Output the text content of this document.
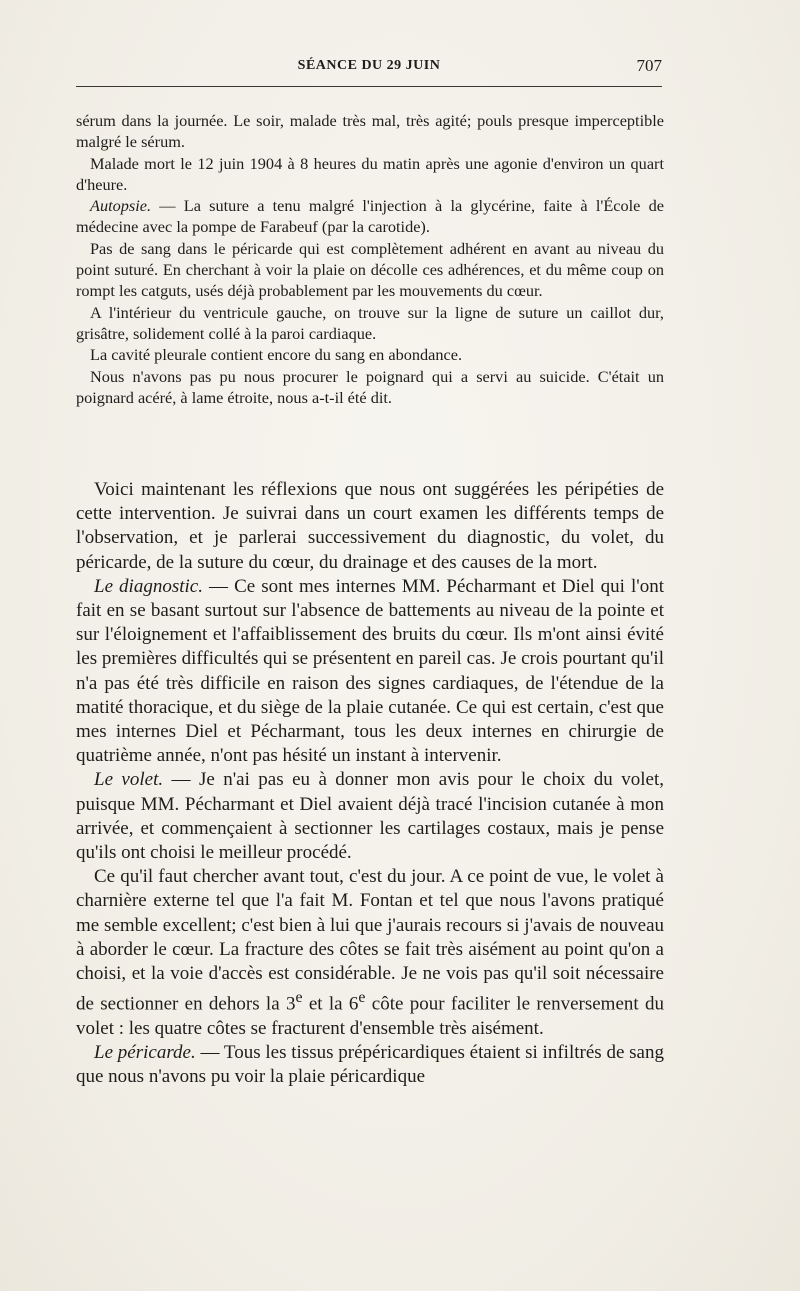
SÉANCE DU 29 JUIN	707

sérum dans la journée. Le soir, malade très mal, très agité; pouls presque imperceptible malgré le sérum.

Malade mort le 12 juin 1904 à 8 heures du matin après une agonie d'environ un quart d'heure.

Autopsie. — La suture a tenu malgré l'injection à la glycérine, faite à l'École de médecine avec la pompe de Farabeuf (par la carotide).

Pas de sang dans le péricarde qui est complètement adhérent en avant au niveau du point suturé. En cherchant à voir la plaie on décolle ces adhérences, et du même coup on rompt les catguts, usés déjà probablement par les mouvements du cœur.

A l'intérieur du ventricule gauche, on trouve sur la ligne de suture un caillot dur, grisâtre, solidement collé à la paroi cardiaque.

La cavité pleurale contient encore du sang en abondance.

Nous n'avons pas pu nous procurer le poignard qui a servi au suicide. C'était un poignard acéré, à lame étroite, nous a-t-il été dit.

Voici maintenant les réflexions que nous ont suggérées les péripéties de cette intervention. Je suivrai dans un court examen les différents temps de l'observation, et je parlerai successivement du diagnostic, du volet, du péricarde, de la suture du cœur, du drainage et des causes de la mort.

Le diagnostic. — Ce sont mes internes MM. Pécharmant et Diel qui l'ont fait en se basant surtout sur l'absence de battements au niveau de la pointe et sur l'éloignement et l'affaiblissement des bruits du cœur. Ils m'ont ainsi évité les premières difficultés qui se présentent en pareil cas. Je crois pourtant qu'il n'a pas été très difficile en raison des signes cardiaques, de l'étendue de la matité thoracique, et du siège de la plaie cutanée. Ce qui est certain, c'est que mes internes Diel et Pécharmant, tous les deux internes en chirurgie de quatrième année, n'ont pas hésité un instant à intervenir.

Le volet. — Je n'ai pas eu à donner mon avis pour le choix du volet, puisque MM. Pécharmant et Diel avaient déjà tracé l'incision cutanée à mon arrivée, et commençaient à sectionner les cartilages costaux, mais je pense qu'ils ont choisi le meilleur procédé.

Ce qu'il faut chercher avant tout, c'est du jour. A ce point de vue, le volet à charnière externe tel que l'a fait M. Fontan et tel que nous l'avons pratiqué me semble excellent; c'est bien à lui que j'aurais recours si j'avais de nouveau à aborder le cœur. La fracture des côtes se fait très aisément au point qu'on a choisi, et la voie d'accès est considérable. Je ne vois pas qu'il soit nécessaire de sectionner en dehors la 3e et la 6e côte pour faciliter le renversement du volet : les quatre côtes se fracturent d'ensemble très aisément.

Le péricarde. — Tous les tissus prépéricardiques étaient si infiltrés de sang que nous n'avons pu voir la plaie péricardique
